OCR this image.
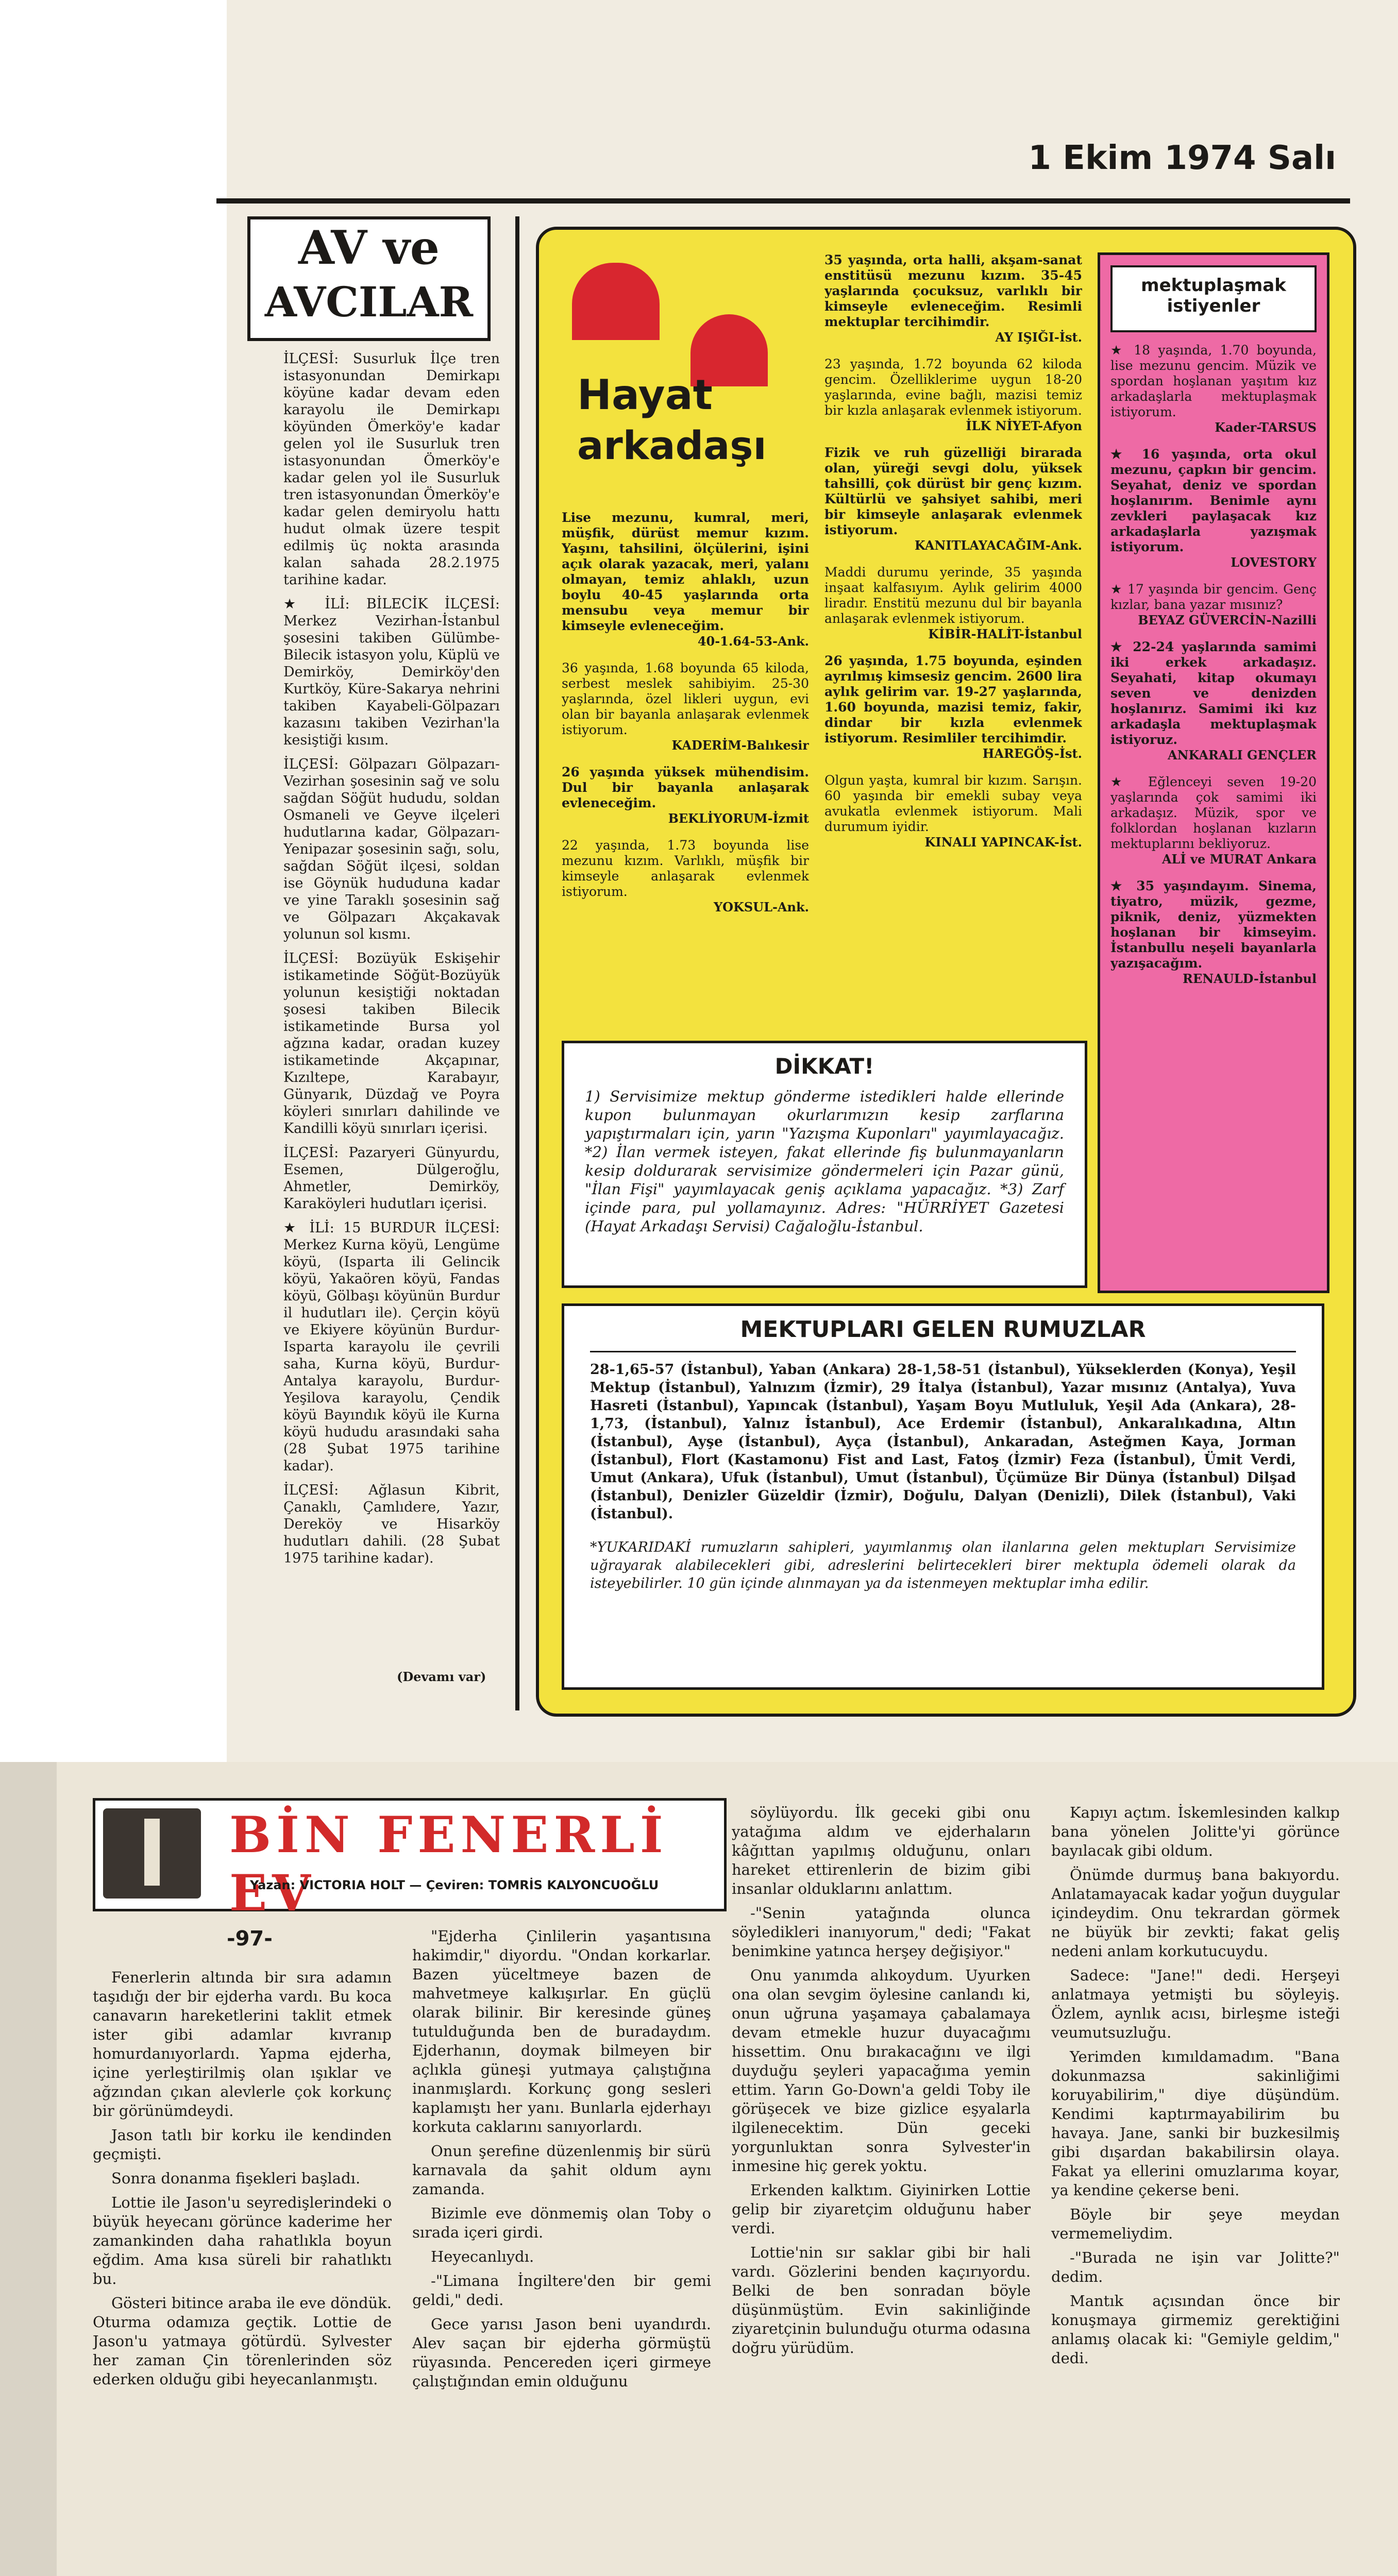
1 Ekim 1974 Salı
AV ve
AVCILAR

İLÇESİ: Susurluk İlçe tren istasyonundan Demirkapı köyüne kadar devam eden karayolu ile Demirkapı köyünden Ömerköy'e kadar gelen yol ile Susurluk tren istasyonundan Ömerköy'e kadar gelen yol ile Susurluk tren istasyonundan Ömerköy'e kadar gelen demiryolu hattı hudut olmak üzere tespit edilmiş üç nokta arasında kalan sahada 28.2.1975 tarihine kadar.

★ İLİ: BİLECİK İLÇESİ: Merkez Vezirhan-İstanbul şosesini takiben Gülümbe-Bilecik istasyon yolu, Küplü ve Demirköy, Demirköy'den Kurtköy, Küre-Sakarya nehrini takiben Kayabeli-Gölpazarı kazasını takiben Vezirhan'la kesiştiği kısım.

İLÇESİ: Gölpazarı Gölpazarı-Vezirhan şosesinin sağ ve solu sağdan Söğüt hududu, soldan Osmaneli ve Geyve ilçeleri hudutlarına kadar, Gölpazarı-Yenipazar şosesinin sağı, solu, sağdan Söğüt ilçesi, soldan ise Göynük hududuna kadar ve yine Taraklı şosesinin sağ ve Gölpazarı Akçakavak yolunun sol kısmı.

İLÇESİ: Bozüyük Eskişehir istikametinde Söğüt-Bozüyük yolunun kesiştiği noktadan şosesi takiben Bilecik istikametinde Bursa yol ağzına kadar, oradan kuzey istikametinde Akçapınar, Kızıltepe, Karabayır, Günyarık, Düzdağ ve Poyra köyleri sınırları dahilinde ve Kandilli köyü sınırları içerisi.

İLÇESİ: Pazaryeri Günyurdu, Esemen, Dülgeroğlu, Ahmetler, Demirköy, Karaköyleri hudutları içerisi.

★ İLİ: 15 BURDUR İLÇESİ: Merkez Kurna köyü, Lengüme köyü, (Isparta ili Gelincik köyü, Yakaören köyü, Fandas köyü, Gölbaşı köyünün Burdur il hudutları ile). Çerçin köyü ve Ekiyere köyünün Burdur-Isparta karayolu ile çevrili saha, Kurna köyü, Burdur-Antalya karayolu, Burdur-Yeşilova karayolu, Çendik köyü Bayındık köyü ile Kurna köyü hududu arasındaki saha (28 Şubat 1975 tarihine kadar).

İLÇESİ: Ağlasun Kibrit, Çanaklı, Çamlıdere, Yazır, Dereköy ve Hisarköy hudutları dahili. (28 Şubat 1975 tarihine kadar).

(Devamı var)
Hayat
arkadaşı
Lise mezunu, kumral, meri, müşfik, dürüst memur kızım. Yaşını, tahsilini, ölçülerini, işini açık olarak yazacak, meri, yalanı olmayan, temiz ahlaklı, uzun boylu 40-45 yaşlarında orta mensubu veya memur bir kimseyle evleneceğim.
40-1.64-53-Ank.
36 yaşında, 1.68 boyunda 65 kiloda, serbest meslek sahibiyim. 25-30 yaşlarında, özel likleri uygun, evi olan bir bayanla anlaşarak evlenmek istiyorum.
KADERİM-Balıkesir
26 yaşında yüksek mühendisim. Dul bir bayanla anlaşarak evleneceğim.
BEKLİYORUM-İzmit
22 yaşında, 1.73 boyunda lise mezunu kızım. Varlıklı, müşfik bir kimseyle anlaşarak evlenmek istiyorum.
YOKSUL-Ank.
35 yaşında, orta halli, akşam-sanat enstitüsü mezunu kızım. 35-45 yaşlarında çocuksuz, varlıklı bir kimseyle evleneceğim. Resimli mektuplar tercihimdir.
AY IŞIĞI-İst.
23 yaşında, 1.72 boyunda 62 kiloda gencim. Özelliklerime uygun 18-20 yaşlarında, evine bağlı, mazisi temiz bir kızla anlaşarak evlenmek istiyorum.
İLK NİYET-Afyon
Fizik ve ruh güzelliği birarada olan, yüreği sevgi dolu, yüksek tahsilli, çok dürüst bir genç kızım. Kültürlü ve şahsiyet sahibi, meri bir kimseyle anlaşarak evlenmek istiyorum.
KANITLAYACAĞIM-Ank.
Maddi durumu yerinde, 35 yaşında inşaat kalfasıyım. Aylık gelirim 4000 liradır. Enstitü mezunu dul bir bayanla anlaşarak evlenmek istiyorum.
KİBİR-HALİT-İstanbul
26 yaşında, 1.75 boyunda, eşinden ayrılmış kimsesiz gencim. 2600 lira aylık gelirim var. 19-27 yaşlarında, 1.60 boyunda, mazisi temiz, fakir, dindar bir kızla evlenmek istiyorum. Resimliler tercihimdir.
HAREGÖŞ-İst.
Olgun yaşta, kumral bir kızım. Sarışın. 60 yaşında bir emekli subay veya avukatla evlenmek istiyorum. Mali durumum iyidir.
KINALI YAPINCAK-İst.
mektuplaşmak istiyenler
★ 18 yaşında, 1.70 boyunda, lise mezunu gencim. Müzik ve spordan hoşlanan yaşıtım kız arkadaşlarla mektuplaşmak istiyorum.
Kader-TARSUS
★ 16 yaşında, orta okul mezunu, çapkın bir gencim. Seyahat, deniz ve spordan hoşlanırım. Benimle aynı zevkleri paylaşacak kız arkadaşlarla yazışmak istiyorum.
LOVESTORY
★ 17 yaşında bir gencim. Genç kızlar, bana yazar mısınız?
BEYAZ GÜVERCİN-Nazilli
★ 22-24 yaşlarında samimi iki erkek arkadaşız. Seyahati, kitap okumayı seven ve denizden hoşlanırız. Samimi iki kız arkadaşla mektuplaşmak istiyoruz.
ANKARALI GENÇLER
★ Eğlenceyi seven 19-20 yaşlarında çok samimi iki arkadaşız. Müzik, spor ve folklordan hoşlanan kızların mektuplarını bekliyoruz.
ALİ ve MURAT Ankara
★ 35 yaşındayım. Sinema, tiyatro, müzik, gezme, piknik, deniz, yüzmekten hoşlanan bir kimseyim. İstanbullu neşeli bayanlarla yazışacağım.
RENAULD-İstanbul
DİKKAT!
1) Servisimize mektup gönderme istedikleri halde ellerinde kupon bulunmayan okurlarımızın kesip zarflarına yapıştırmaları için, yarın "Yazışma Kuponları" yayımlayacağız. *2) İlan vermek isteyen, fakat ellerinde fiş bulunmayanların kesip doldurarak servisimize göndermeleri için Pazar günü, "İlan Fişi" yayımlayacak geniş açıklama yapacağız. *3) Zarf içinde para, pul yollamayınız. Adres: "HÜRRİYET Gazetesi (Hayat Arkadaşı Servisi) Cağaloğlu-İstanbul.
MEKTUPLARI GELEN RUMUZLAR
28-1,65-57 (İstanbul), Yaban (Ankara) 28-1,58-51 (İstanbul), Yükseklerden (Konya), Yeşil Mektup (İstanbul), Yalnızım (İzmir), 29 İtalya (İstanbul), Yazar mısınız (Antalya), Yuva Hasreti (İstanbul), Yapıncak (İstanbul), Yaşam Boyu Mutluluk, Yeşil Ada (Ankara), 28-1,73, (İstanbul), Yalnız İstanbul), Ace Erdemir (İstanbul), Ankaralıkadına, Altın (İstanbul), Ayşe (İstanbul), Ayça (İstanbul), Ankaradan, Asteğmen Kaya, Jorman (İstanbul), Flort (Kastamonu) Fist and Last, Fatoş (İzmir) Feza (İstanbul), Ümit Verdi, Umut (Ankara), Ufuk (İstanbul), Umut (İstanbul), Üçümüze Bir Dünya (İstanbul) Dilşad (İstanbul), Denizler Güzeldir (İzmir), Doğulu, Dalyan (Denizli), Dilek (İstanbul), Vaki (İstanbul).
*YUKARIDAKİ rumuzların sahipleri, yayımlanmış olan ilanlarına gelen mektupları Servisimize uğrayarak alabilecekleri gibi, adreslerini belirtecekleri birer mektupla ödemeli olarak da isteyebilirler. 10 gün içinde alınmayan ya da istenmeyen mektuplar imha edilir.
BİN FENERLİ EV
Yazan: VICTORIA HOLT — Çeviren: TOMRİS KALYONCUOĞLU
-97-

Fenerlerin altında bir sıra adamın taşıdığı der bir ejderha vardı. Bu koca canavarın hareketlerini taklit etmek ister gibi adamlar kıvranıp homurdanıyorlardı. Yapma ejderha, içine yerleştirilmiş olan ışıklar ve ağzından çıkan alevlerle çok korkunç bir görünümdeydi.

Jason tatlı bir korku ile kendinden geçmişti.

Sonra donanma fişekleri başladı.

Lottie ile Jason'u seyredişlerindeki o büyük heyecanı görünce kaderime her zamankinden daha rahatlıkla boyun eğdim. Ama kısa süreli bir rahatlıktı bu.

Gösteri bitince araba ile eve döndük. Oturma odamıza geçtik. Lottie de Jason'u yatmaya götürdü. Sylvester her zaman Çin törenlerinden söz ederken olduğu gibi heyecanlanmıştı.

"Ejderha Çinlilerin yaşantısına hakimdir," diyordu. "Ondan korkarlar. Bazen yüceltmeye bazen de mahvetmeye kalkışırlar. En güçlü olarak bilinir. Bir keresinde güneş tutulduğunda ben de buradaydım. Ejderhanın, doymak bilmeyen bir açlıkla güneşi yutmaya çalıştığına inanmışlardı. Korkunç gong sesleri kaplamıştı her yanı. Bunlarla ejderhayı korkuta caklarını sanıyorlardı.

Onun şerefine düzenlenmiş bir sürü karnavala da şahit oldum aynı zamanda.

Bizimle eve dönmemiş olan Toby o sırada içeri girdi.

Heyecanlıydı.

-"Limana İngiltere'den bir gemi geldi," dedi.

Gece yarısı Jason beni uyandırdı. Alev saçan bir ejderha görmüştü rüyasında. Pencereden içeri girmeye çalıştığından emin olduğunu

söylüyordu. İlk geceki gibi onu yatağıma aldım ve ejderhaların kâğıttan yapılmış olduğunu, onları hareket ettirenlerin de bizim gibi insanlar olduklarını anlattım.

-"Senin yatağında olunca söyledikleri inanıyorum," dedi; "Fakat benimkine yatınca herşey değişiyor."

Onu yanımda alıkoydum. Uyurken ona olan sevgim öylesine canlandı ki, onun uğruna yaşamaya çabalamaya devam etmekle huzur duyacağımı hissettim. Onu bırakacağını ve ilgi duyduğu şeyleri yapacağıma yemin ettim. Yarın Go-Down'a geldi Toby ile görüşecek ve bize gizlice eşyalarla ilgilenecektim. Dün geceki yorgunluktan sonra Sylvester'in inmesine hiç gerek yoktu.

Erkenden kalktım. Giyinirken Lottie gelip bir ziyaretçim olduğunu haber verdi.

Lottie'nin sır saklar gibi bir hali vardı. Gözlerini benden kaçırıyordu. Belki de ben sonradan böyle düşünmüştüm. Evin sakinliğinde ziyaretçinin bulunduğu oturma odasına doğru yürüdüm.

Kapıyı açtım. İskemlesinden kalkıp bana yönelen Jolitte'yi görünce bayılacak gibi oldum.

Önümde durmuş bana bakıyordu. Anlatamayacak kadar yoğun duygular içindeydim. Onu tekrardan görmek ne büyük bir zevkti; fakat geliş nedeni anlam korkutucuydu.

Sadece: "Jane!" dedi. Herşeyi anlatmaya yetmişti bu söyleyiş. Özlem, aynlık acısı, birleşme isteği veumutsuzluğu.

Yerimden kımıldamadım. "Bana dokunmazsa sakinliğimi koruyabilirim," diye düşündüm. Kendimi kaptırmayabilirim bu havaya. Jane, sanki bir buzkesilmiş gibi dışardan bakabilirsin olaya. Fakat ya ellerini omuzlarıma koyar, ya kendine çekerse beni.

Böyle bir şeye meydan vermemeliydim.

-"Burada ne işin var Jolitte?" dedim.

Mantık açısından önce bir konuşmaya girmemiz gerektiğini anlamış olacak ki: "Gemiyle geldim," dedi.
